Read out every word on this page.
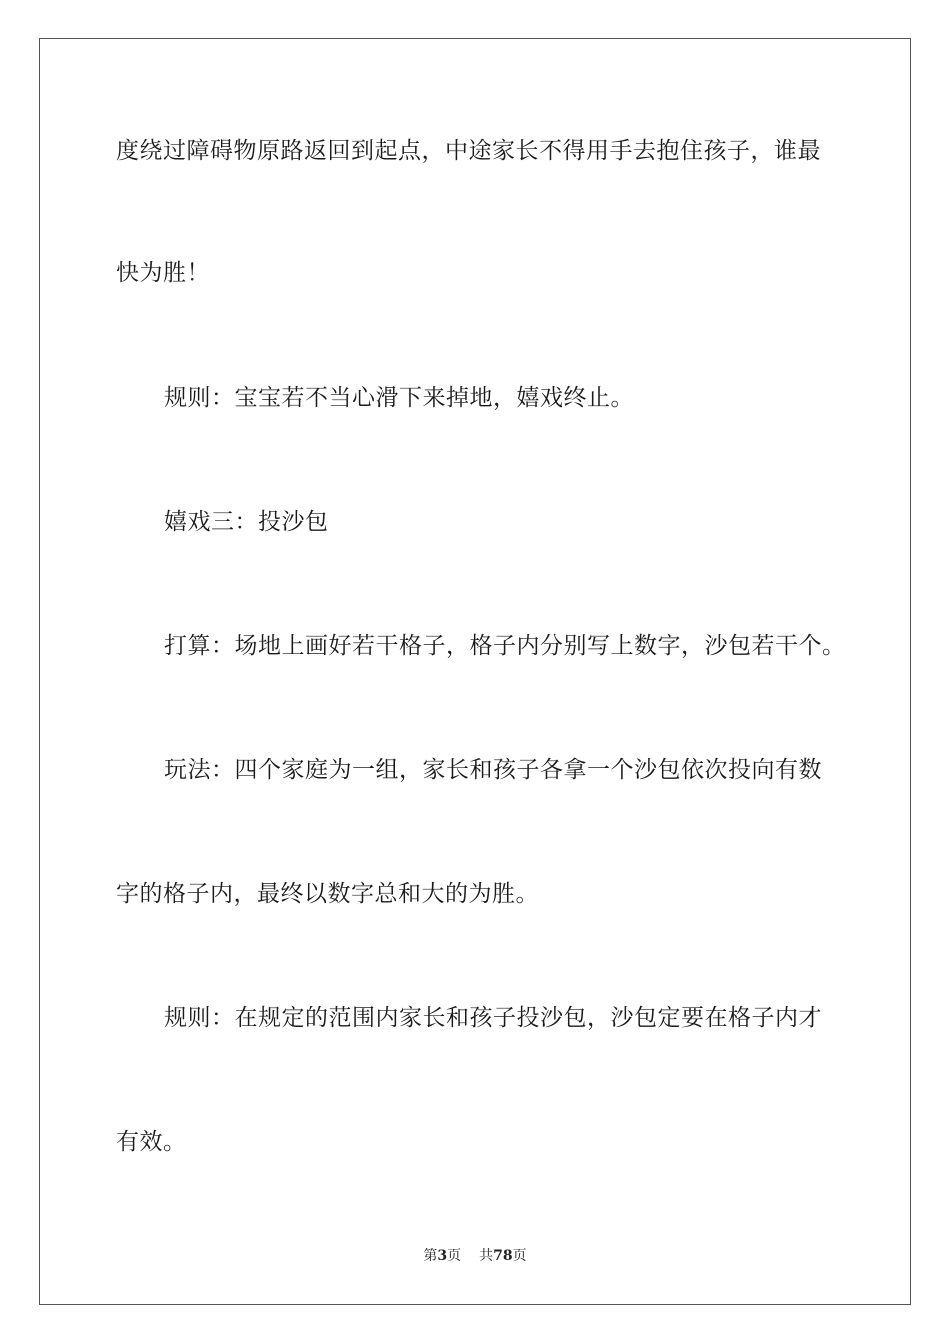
度绕过障碍物原路返回到起点，中途家长不得用手去抱住孩子，谁最

快为胜！

规则：宝宝若不当心滑下来掉地，嬉戏终止。

嬉戏三：投沙包

打算：场地上画好若干格子，格子内分别写上数字，沙包若干个。

玩法：四个家庭为一组，家长和孩子各拿一个沙包依次投向有数

字的格子内，最终以数字总和大的为胜。

规则：在规定的范围内家长和孩子投沙包，沙包定要在格子内才

有效。

第3页 共78页
